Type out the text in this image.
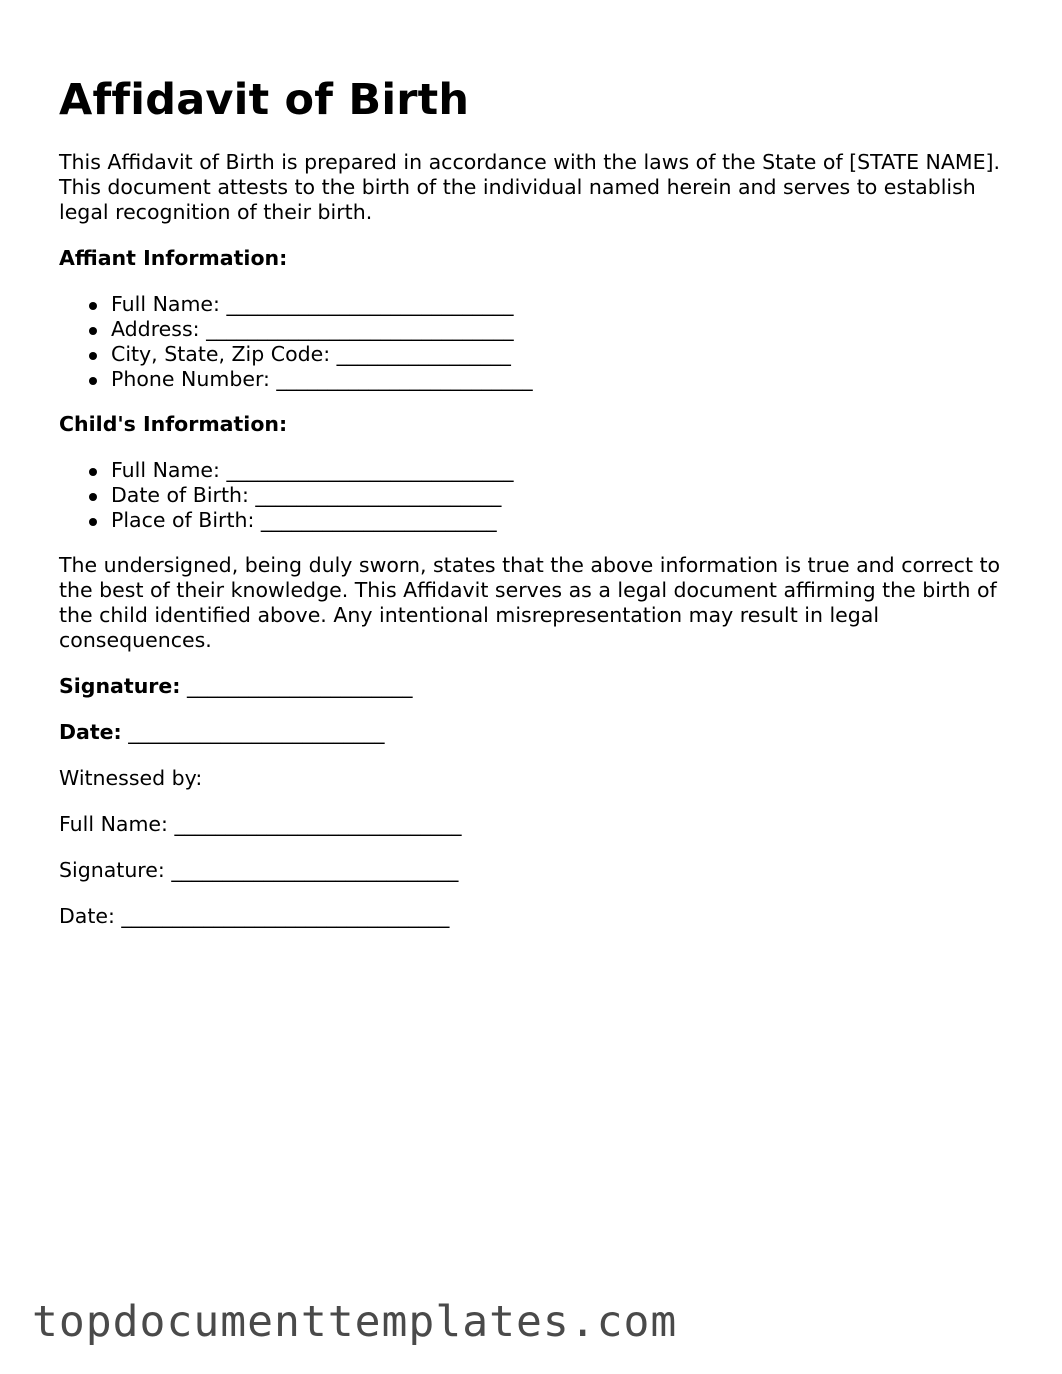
Affidavit of Birth

This Affidavit of Birth is prepared in accordance with the laws of the State of [STATE NAME]. This document attests to the birth of the individual named herein and serves to establish legal recognition of their birth.

Affiant Information:
Full Name: ____________________________
Address: ______________________________
City, State, Zip Code: _________________
Phone Number: _________________________
Child's Information:
Full Name: ____________________________
Date of Birth: ________________________
Place of Birth: _______________________

The undersigned, being duly sworn, states that the above information is true and correct to the best of their knowledge. This Affidavit serves as a legal document affirming the birth of the child identified above. Any intentional misrepresentation may result in legal consequences.

Signature: ______________________
Date: _________________________
Witnessed by:
Full Name: ____________________________
Signature: ____________________________
Date: ________________________________
topdocumenttemplates.com
